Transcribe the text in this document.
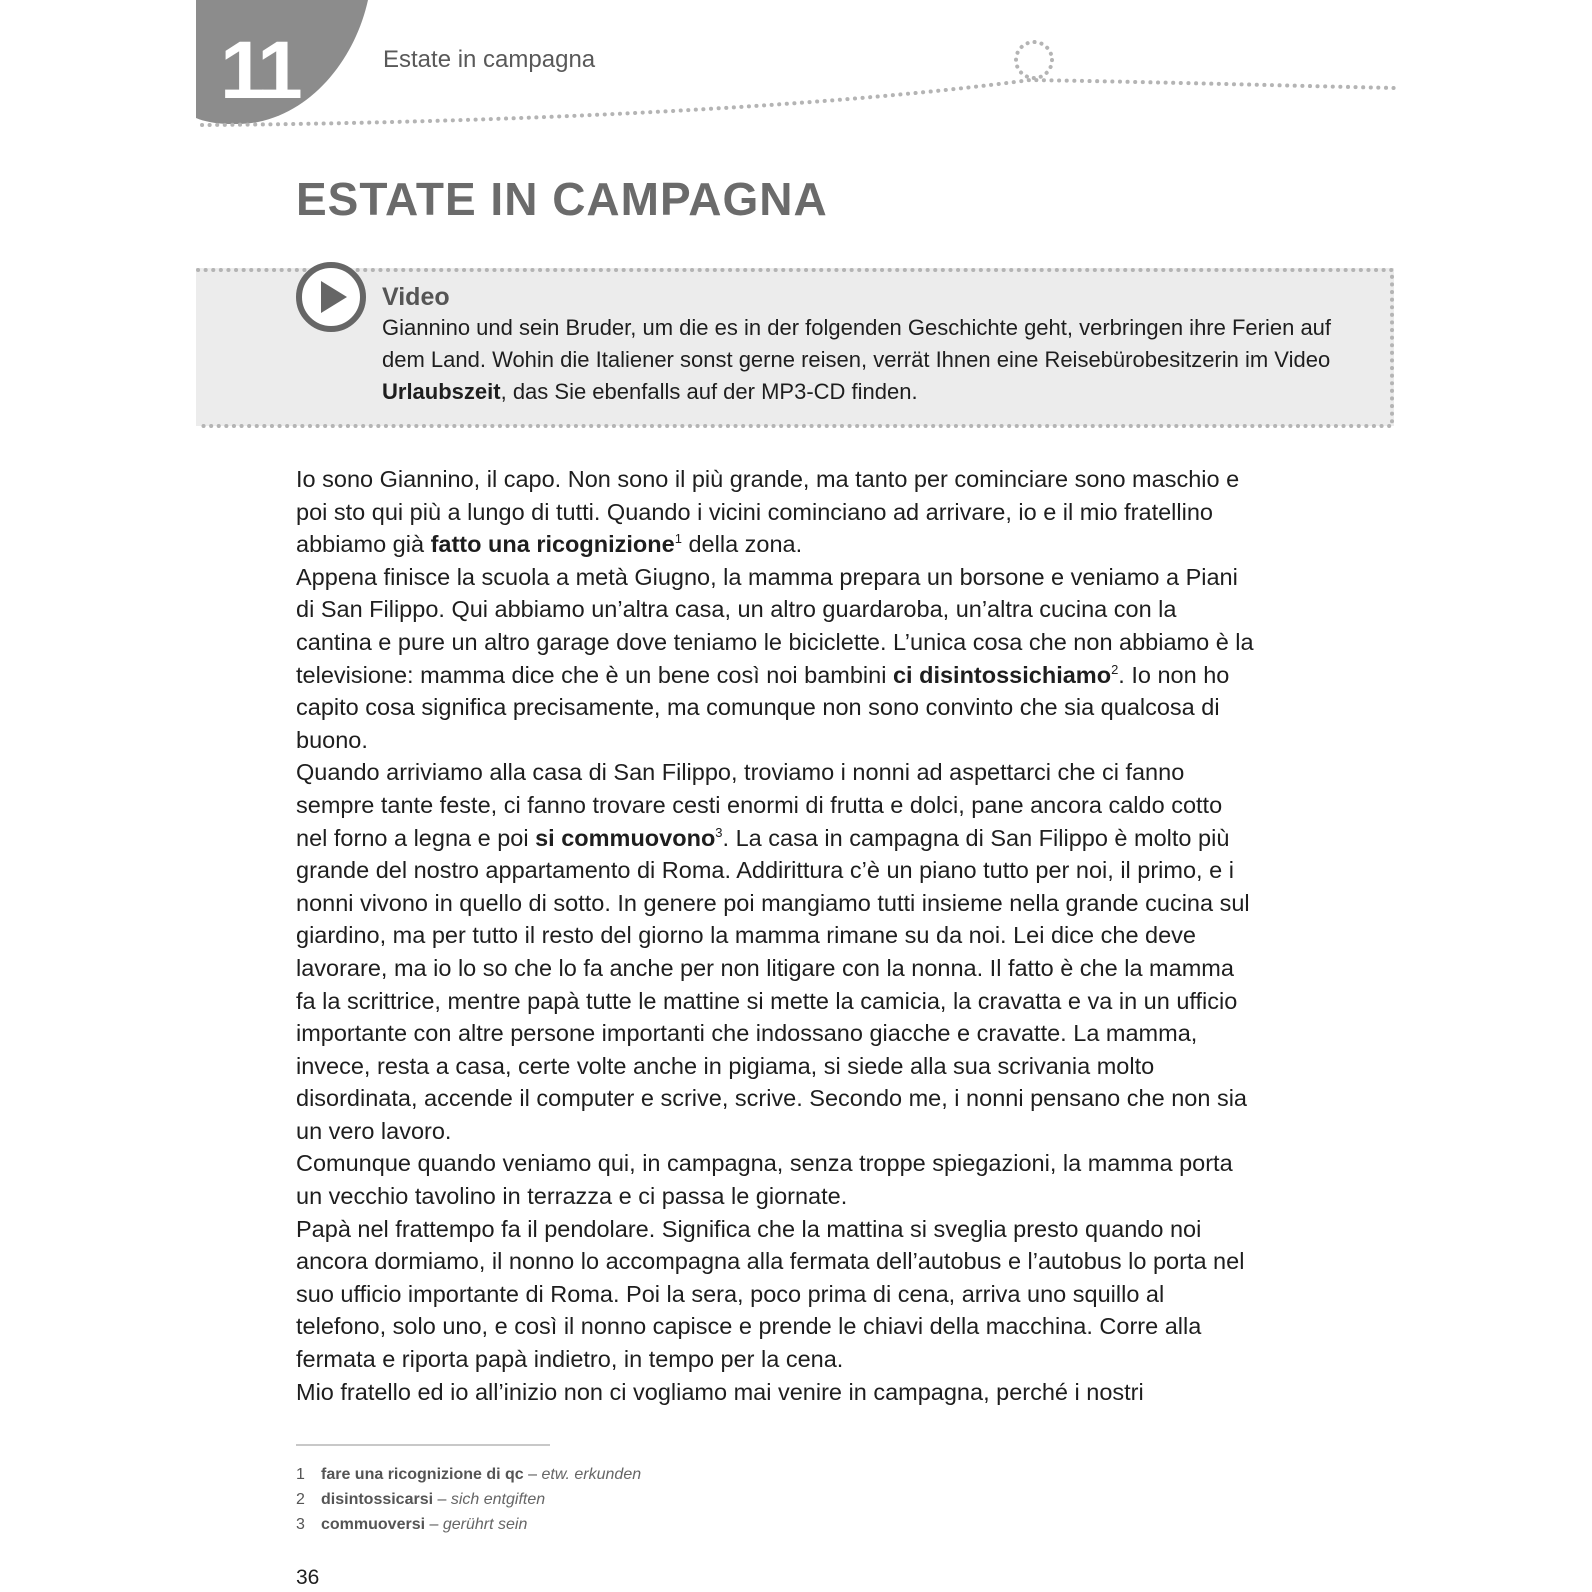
11	Estate in campagna
ESTATE IN CAMPAGNA
Video
Giannino und sein Bruder, um die es in der folgenden Geschichte geht, verbringen ihre Ferien auf dem Land. Wohin die Italiener sonst gerne reisen, verrät Ihnen eine Reisebürobesitzerin im Video Urlaubszeit, das Sie ebenfalls auf der MP3-CD finden.

Io sono Giannino, il capo. Non sono il più grande, ma tanto per cominciare sono maschio e poi sto qui più a lungo di tutti. Quando i vicini cominciano ad arrivare, io e il mio fratellino abbiamo già fatto una ricognizione$^1$ della zona.

Appena finisce la scuola a metà Giugno, la mamma prepara un borsone e veniamo a Piani di San Filippo. Qui abbiamo un’altra casa, un altro guardaroba, un’altra cucina con la cantina e pure un altro garage dove teniamo le biciclette. L’unica cosa che non abbiamo è la televisione: mamma dice che è un bene così noi bambini ci disintossichiamo$^2$. Io non ho capito cosa significa precisamente, ma comunque non sono convinto che sia qualcosa di buono.

Quando arriviamo alla casa di San Filippo, troviamo i nonni ad aspettarci che ci fanno sempre tante feste, ci fanno trovare cesti enormi di frutta e dolci, pane ancora caldo cotto nel forno a legna e poi si commuovono$^3$. La casa in campagna di San Filippo è molto più grande del nostro appartamento di Roma. Addirittura c’è un piano tutto per noi, il primo, e i nonni vivono in quello di sotto. In genere poi mangiamo tutti insieme nella grande cucina sul giardino, ma per tutto il resto del giorno la mamma rimane su da noi. Lei dice che deve lavorare, ma io lo so che lo fa anche per non litigare con la nonna. Il fatto è che la mamma fa la scrittrice, mentre papà tutte le mattine si mette la camicia, la cravatta e va in un ufficio importante con altre persone importanti che indossano giacche e cravatte. La mamma, invece, resta a casa, certe volte anche in pigiama, si siede alla sua scrivania molto disordinata, accende il computer e scrive, scrive. Secondo me, i nonni pensano che non sia un vero lavoro.

Comunque quando veniamo qui, in campagna, senza troppe spiegazioni, la mamma porta un vecchio tavolino in terrazza e ci passa le giornate.

Papà nel frattempo fa il pendolare. Significa che la mattina si sveglia presto quando noi ancora dormiamo, il nonno lo accompagna alla fermata dell’autobus e l’autobus lo porta nel suo ufficio importante di Roma. Poi la sera, poco prima di cena, arriva uno squillo al telefono, solo uno, e così il nonno capisce e prende le chiavi della macchina. Corre alla fermata e riporta papà indietro, in tempo per la cena.

Mio fratello ed io all’inizio non ci vogliamo mai venire in campagna, perché i nostri

1 fare una ricognizione di qc – etw. erkunden
2 disintossicarsi – sich entgiften
3 commuoversi – gerührt sein
36
